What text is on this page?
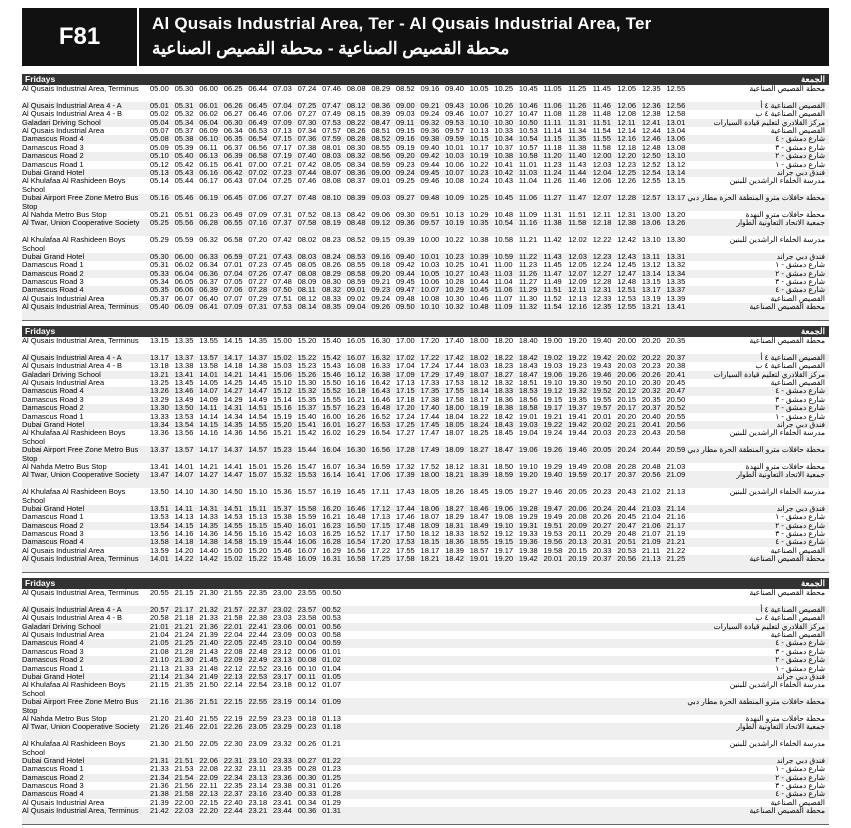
F81	Al Qusais Industrial Area, Ter - Al Qusais Industrial Area, Ter
محطة القصيص الصناعية - محطة القصيص الصناعية
Fridays	الجمعة
Al Qusais Industrial Area, Terminus	05.00 05.30 06.00 06.25 06.44 07.03 07.24 07.46 08.08 08.29 08.52 09.16 09.40 10.05 10.25 10.45 11.05 11.25 11.45 12.05 12.35 12.55	محطة القصيص الصناعية
Al Qusais Industrial Area 4 - A	05.01 05.31 06.01 06.26 06.45 07.04 07.25 07.47 08.12 08.36 09.00 09.21 09.43 10.06 10.26 10.46 11.06 11.26 11.46 12.06 12.36 12.56	القصيص الصناعية ٤ أ
Al Qusais Industrial Area 4 - B	05.02 05.32 06.02 06.27 06.46 07.06 07.27 07.49 08.15 08.39 09.03 09.24 09.46 10.07 10.27 10.47 11.08 11.28 11.48 12.08 12.38 12.58	القصيص الصناعية ٤ ب
Galadari Driving School	05.04 05.34 06.04 06.30 06.49 07.09 07.30 07.53 08.22 08.47 09.11 09.32 09.53 10.10 10.30 10.50 11.11 11.31 11.51 12.11 12.41 13.01	مركز القلادري لتعليم قيادة السيارات
Al Qusais Industrial Area	05.07 05.37 06.09 06.34 06.53 07.13 07.34 07.57 08.26 08.51 09.15 09.36 09.57 10.13 10.33 10.53 11.14 11.34 11.54 12.14 12.44 13.04	القصيص الصناعية
Damascus Road 4	05.08 05.38 06.10 06.35 06.54 07.15 07.36 07.59 08.28 08.52 09.16 09.38 09.59 10.15 10.34 10.54 11.15 11.35 11.55 12.16 12.46 13.06	شارع دمشق - ٤
Damascus Road 3	05.09 05.39 06.11 06.37 06.56 07.17 07.38 08.01 08.30 08.55 09.19 09.40 10.01 10.17 10.37 10.57 11.18 11.38 11.58 12.18 12.48 13.08	شارع دمشق - ٣
Damascus Road 2	05.10 05.40 06.13 06.39 06.58 07.19 07.40 08.03 08.32 08.56 09.20 09.42 10.03 10.19 10.38 10.58 11.20 11.40 12.00 12.20 12.50 13.10	شارع دمشق - ٢
Damascus Road 1	05.12 05.42 06.15 06.41 07.00 07.21 07.42 08.05 08.34 08.59 09.23 09.44 10.06 10.22 10.41 11.01 11.23 11.43 12.03 12.23 12.52 13.12	شارع دمشق - ١
Dubai Grand Hotel	05.13 05.43 06.16 06.42 07.02 07.23 07.44 08.07 08.36 09.00 09.24 09.45 10.07 10.23 10.42 11.03 11.24 11.44 12.04 12.25 12.54 13.14	فندق دبي جراند
Al Khulafaa Al Rashideen Boys School
05.14 05.44 06.17 06.43 07.04 07.25 07.46 08.08 08.37 09.01 09.25 09.46 10.08 10.24 10.43 11.04 11.26 11.46 12.06 12.26 12.55 13.15	مدرسة الخلفاء الراشدين للبنين
Dubai Airport Free Zone Metro Bus Stop
05.16 05.46 06.19 06.45 07.06 07.27 07.48 08.10 08.39 09.03 09.27 09.48 10.09 10.25 10.45 11.06 11.27 11.47 12.07 12.28 12.57 13.17 محطة حافلات مترو المنطقة الحرة مطار دبي
Al Nahda Metro Bus Stop	05.21 05.51 06.23 06.49 07.09 07.31 07.52 08.13 08.42 09.06 09.30 09.51 10.13 10.29 10.48 11.09 11.31 11.51 12.11 12.31 13.00 13.20	محطة حافلات مترو النهدة
Al Twar, Union Cooperative Society	05.25 05.56 06.28 06.55 07.16 07.37 07.58 08.19 08.48 09.12 09.36 09.57 10.19 10.35 10.54 11.16 11.38 11.58 12.18 12.38 13.06 13.26	جمعية الاتحاد التعاونية الطوار
Al Khulafaa Al Rashideen Boys School
05.29 05.59 06.32 06.58 07.20 07.42 08.02 08.23 08.52 09.15 09.39 10.00 10.22 10.38 10.58 11.21 11.42 12.02 12.22 12.42 13.10 13.30	مدرسة الخلفاء الراشدين للبنين
Dubai Grand Hotel	05.30 06.00 06.33 06.59 07.21 07.43 08.03 08.24 08.53 09.16 09.40 10.01 10.23 10.39 10.59 11.22 11.43 12.03 12.23 12.43 13.11 13.31	فندق دبي جراند
Damascus Road 1	05.31 06.02 06.34 07.01 07.23 07.45 08.05 08.26 08.55 09.18 09.42 10.03 10.25 10.41 11.00 11.23 11.45 12.05 12.24 12.45 13.12 13.32	شارع دمشق - ١
Damascus Road 2	05.33 06.04 06.36 07.04 07.26 07.47 08.08 08.29 08.58 09.20 09.44 10.05 10.27 10.43 11.03 11.26 11.47 12.07 12.27 12.47 13.14 13.34	شارع دمشق - ٢
Damascus Road 3	05.34 06.05 06.37 07.05 07.27 07.48 08.09 08.30 08.59 09.21 09.45 10.06 10.28 10.44 11.04 11.27 11.49 12.09 12.28 12.48 13.15 13.35	شارع دمشق - ٣
Damascus Road 4	05.35 06.06 06.39 07.06 07.28 07.50 08.11 08.32 09.01 09.23 09.47 10.07 10.29 10.45 11.06 11.29 11.51 12.11 12.31 12.51 13.17 13.37	شارع دمشق - ٤
Al Qusais Industrial Area	05.37 06.07 06.40 07.07 07.29 07.51 08.12 08.33 09.02 09.24 09.48 10.08 10.30 10.46 11.07 11.30 11.52 12.13 12.33 12.53 13.19 13.39	القصيص الصناعية
Al Qusais Industrial Area, Terminus	05.40 06.09 06.41 07.09 07.31 07.53 08.14 08.35 09.04 09.26 09.50 10.10 10.32 10.48 11.09 11.32 11.54 12.16 12.35 12.55 13.21 13.41	محطة القصيص الصناعية
Fridays	الجمعة
Al Qusais Industrial Area, Terminus	13.15 13.35 13.55 14.15 14.35 15.00 15.20 15.40 16.05 16.30 17.00 17.20 17.40 18.00 18.20 18.40 19.00 19.20 19.40 20.00 20.20 20.35	محطة القصيص الصناعية
Al Qusais Industrial Area 4 - A	13.17 13.37 13.57 14.17 14.37 15.02 15.22 15.42 16.07 16.32 17.02 17.22 17.42 18.02 18.22 18.42 19.02 19.22 19.42 20.02 20.22 20.37	القصيص الصناعية ٤ أ
Al Qusais Industrial Area 4 - B	13.18 13.38 13.58 14.18 14.38 15.03 15.23 15.43 16.08 16.33 17.04 17.24 17.44 18.03 18.23 18.43 19.03 19.23 19.43 20.03 20.23 20.38	القصيص الصناعية ٤ ب
Galadari Driving School	13.21 13.41 14.01 14.21 14.41 15.06 15.26 15.46 16.12 16.38 17.09 17.29 17.49 18.07 18.27 18.47 19.06 19.26 19.46 20.06 20.26 20.41	مركز القلادري لتعليم قيادة السيارات
Al Qusais Industrial Area	13.25 13.45 14.05 14.25 14.45 15.10 15.30 15.50 16.16 16.42 17.13 17.33 17.53 18.12 18.32 18.51 19.10 19.30 19.50 20.10 20.30 20.45	القصيص الصناعية
Damascus Road 4	13.26 13.46 14.07 14.27 14.47 15.12 15.32 15.52 16.18 16.43 17.15 17.35 17.55 18.14 18.33 18.53 19.12 19.32 19.52 20.12 20.32 20.47	شارع دمشق - ٤
Damascus Road 3	13.29 13.49 14.09 14.29 14.49 15.14 15.35 15.55 16.21 16.46 17.18 17.38 17.58 18.17 18.36 18.56 19.15 19.35 19.55 20.15 20.35 20.50	شارع دمشق - ٣
Damascus Road 2	13.30 13.50 14.11 14.31 14.51 15.16 15.37 15.57 16.23 16.48 17.20 17.40 18.00 18.19 18.38 18.58 19.17 19.37 19.57 20.17 20.37 20.52	شارع دمشق - ٢
Damascus Road 1	13.33 13.53 14.14 14.34 14.54 15.19 15.40 16.00 16.26 16.52 17.24 17.44 18.04 18.22 18.42 19.01 19.21 19.41 20.01 20.20 20.40 20.55	شارع دمشق - ١
Dubai Grand Hotel	13.34 13.54 14.15 14.35 14.55 15.20 15.41 16.01 16.27 16.53 17.25 17.45 18.05 18.24 18.43 19.03 19.22 19.42 20.02 20.21 20.41 20.56	فندق دبي جراند
Al Khulafaa Al Rashideen Boys School
13.36 13.56 14.16 14.36 14.56 15.21 15.42 16.02 16.29 16.54 17.27 17.47 18.07 18.25 18.45 19.04 19.24 19.44 20.03 20.23 20.43 20.58	مدرسة الخلفاء الراشدين للبنين
Dubai Airport Free Zone Metro Bus Stop
13.37 13.57 14.17 14.37 14.57 15.23 15.44 16.04 16.30 16.56 17.28 17.49 18.09 18.27 18.47 19.06 19.26 19.46 20.05 20.24 20.44 20.59 محطة حافلات مترو المنطقة الحرة مطار دبي
Al Nahda Metro Bus Stop	13.41 14.01 14.21 14.41 15.01 15.26 15.47 16.07 16.34 16.59 17.32 17.52 18.12 18.31 18.50 19.10 19.29 19.49 20.08 20.28 20.48 21.03	محطة حافلات مترو النهدة
Al Twar, Union Cooperative Society	13.47 14.07 14.27 14.47 15.07 15.32 15.53 16.14 16.41 17.06 17.39 18.00 18.21 18.39 18.59 19.20 19.40 19.59 20.17 20.37 20.56 21.09	جمعية الاتحاد التعاونية الطوار
Al Khulafaa Al Rashideen Boys School
13.50 14.10 14.30 14.50 15.10 15.36 15.57 16.19 16.45 17.11 17.43 18.05 18.26 18.45 19.05 19.27 19.46 20.05 20.23 20.43 21.02 21.13	مدرسة الخلفاء الراشدين للبنين
Dubai Grand Hotel	13.51 14.11 14.31 14.51 15.11 15.37 15.58 16.20 16.46 17.12 17.44 18.06 18.27 18.46 19.06 19.28 19.47 20.06 20.24 20.44 21.03 21.14	فندق دبي جراند
Damascus Road 1	13.53 14.13 14.33 14.53 15.13 15.38 15.59 16.21 16.48 17.13 17.46 18.07 18.29 18.47 19.08 19.29 19.49 20.08 20.26 20.45 21.04 21.16	شارع دمشق - ١
Damascus Road 2	13.54 14.15 14.35 14.55 15.15 15.40 16.01 16.23 16.50 17.15 17.48 18.09 18.31 18.49 19.10 19.31 19.51 20.09 20.27 20.47 21.06 21.17	شارع دمشق - ٢
Damascus Road 3	13.56 14.16 14.36 14.56 15.16 15.42 16.03 16.25 16.52 17.17 17.50 18.12 18.33 18.52 19.12 19.33 19.53 20.11 20.29 20.48 21.07 21.19	شارع دمشق - ٣
Damascus Road 4	13.58 14.18 14.38 14.58 15.19 15.44 16.06 16.28 16.54 17.20 17.53 18.15 18.36 18.55 19.15 19.36 19.56 20.13 20.31 20.51 21.09 21.21	شارع دمشق - ٤
Al Qusais Industrial Area	13.59 14.20 14.40 15.00 15.20 15.46 16.07 16.29 16.56 17.22 17.55 18.17 18.39 18.57 19.17 19.38 19.58 20.15 20.33 20.53 21.11 21.22	القصيص الصناعية
Al Qusais Industrial Area, Terminus	14.01 14.22 14.42 15.02 15.22 15.48 16.09 16.31 16.58 17.25 17.58 18.21 18.42 19.01 19.20 19.42 20.01 20.19 20.37 20.56 21.13 21.25	محطة القصيص الصناعية
Fridays	الجمعة
Al Qusais Industrial Area, Terminus	20.55 21.15 21.30 21.55 22.35 23.00 23.55 00.50	محطة القصيص الصناعية
Al Qusais Industrial Area 4 - A	20.57 21.17 21.32 21.57 22.37 23.02 23.57 00.52	القصيص الصناعية ٤ أ
Al Qusais Industrial Area 4 - B	20.58 21.18 21.33 21.58 22.38 23.03 23.58 00.53	القصيص الصناعية ٤ ب
Galadari Driving School	21.01 21.21 21.36 22.01 22.41 23.06 00.01 00.56	مركز القلادري لتعليم قيادة السيارات
Al Qusais Industrial Area	21.04 21.24 21.39 22.04 22.44 23.09 00.03 00.58	القصيص الصناعية
Damascus Road 4	21.05 21.25 21.40 22.05 22.45 23.10 00.04 00.59	شارع دمشق - ٤
Damascus Road 3	21.08 21.28 21.43 22.08 22.48 23.12 00.06 01.01	شارع دمشق - ٣
Damascus Road 2	21.10 21.30 21.45 22.09 22.49 23.13 00.08 01.02	شارع دمشق - ٢
Damascus Road 1	21.13 21.33 21.48 22.12 22.52 23.16 00.10 01.04	شارع دمشق - ١
Dubai Grand Hotel	21.14 21.34 21.49 22.13 22.53 23.17 00.11 01.05	فندق دبي جراند
Al Khulafaa Al Rashideen Boys School
21.15 21.35 21.50 22.14 22.54 23.18 00.12 01.07	مدرسة الخلفاء الراشدين للبنين
Dubai Airport Free Zone Metro Bus Stop
21.16 21.36 21.51 22.15 22.55 23.19 00.14 01.09	محطة حافلات مترو المنطقة الحرة مطار دبي
Al Nahda Metro Bus Stop	21.20 21.40 21.55 22.19 22.59 23.23 00.18 01.13	محطة حافلات مترو النهدة
Al Twar, Union Cooperative Society	21.26 21.46 22.01 22.26 23.05 23.29 00.23 01.18	جمعية الاتحاد التعاونية الطوار
Al Khulafaa Al Rashideen Boys School
21.30 21.50 22.05 22.30 23.09 23.32 00.26 01.21	مدرسة الخلفاء الراشدين للبنين
Dubai Grand Hotel	21.31 21.51 22.06 22.31 23.10 23.33 00.27 01.22	فندق دبي جراند
Damascus Road 1	21.33 21.53 22.08 22.32 23.11 23.35 00.28 01.23	شارع دمشق - ١
Damascus Road 2	21.34 21.54 22.09 22.34 23.13 23.36 00.30 01.25	شارع دمشق - ٢
Damascus Road 3	21.36 21.56 22.11 22.35 23.14 23.38 00.31 01.26	شارع دمشق - ٣
Damascus Road 4	21.38 21.58 22.13 22.37 23.16 23.40 00.33 01.28	شارع دمشق - ٤
Al Qusais Industrial Area	21.39 22.00 22.15 22.40 23.18 23.41 00.34 01.29	القصيص الصناعية
Al Qusais Industrial Area, Terminus	21.42 22.03 22.20 22.44 23.21 23.44 00.36 01.31	محطة القصيص الصناعية
